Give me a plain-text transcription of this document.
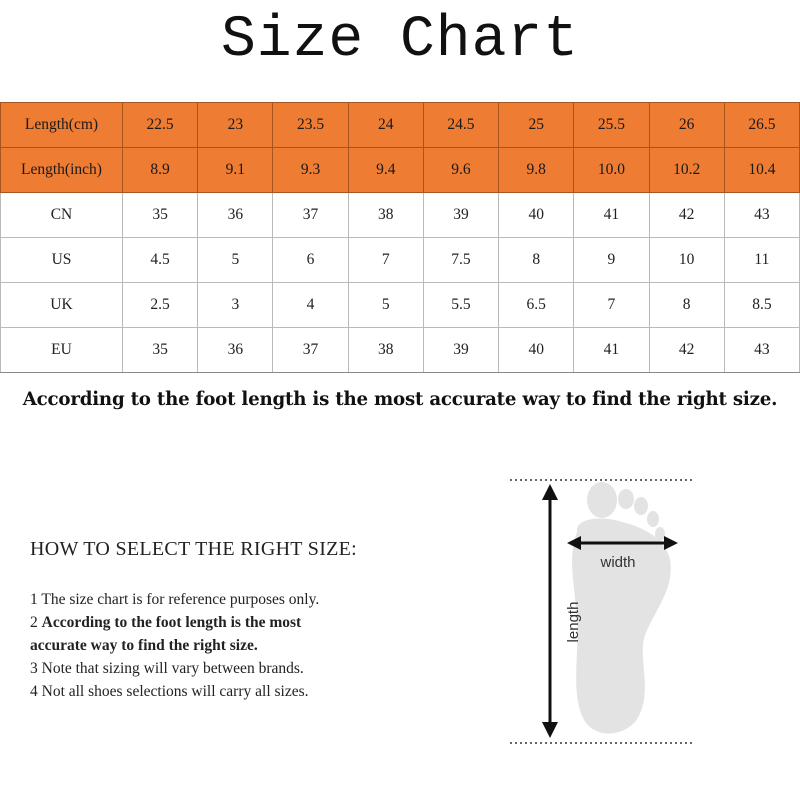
Size Chart
Length(cm)	22.5	23	23.5	24	24.5	25	25.5	26	26.5
Length(inch)	8.9	9.1	9.3	9.4	9.6	9.8	10.0	10.2	10.4
CN	35	36	37	38	39	40	41	42	43
US	4.5	5	6	7	7.5	8	9	10	11
UK	2.5	3	4	5	5.5	6.5	7	8	8.5
EU	35	36	37	38	39	40	41	42	43
According to the foot length is the most accurate way to find the right size.
HOW TO SELECT THE RIGHT SIZE:
1 The size chart is for reference purposes only.
2 According to the foot length is the most
accurate way to find the right size.
3 Note that sizing will vary between brands.
4 Not all shoes selections will carry all sizes.
width
length
